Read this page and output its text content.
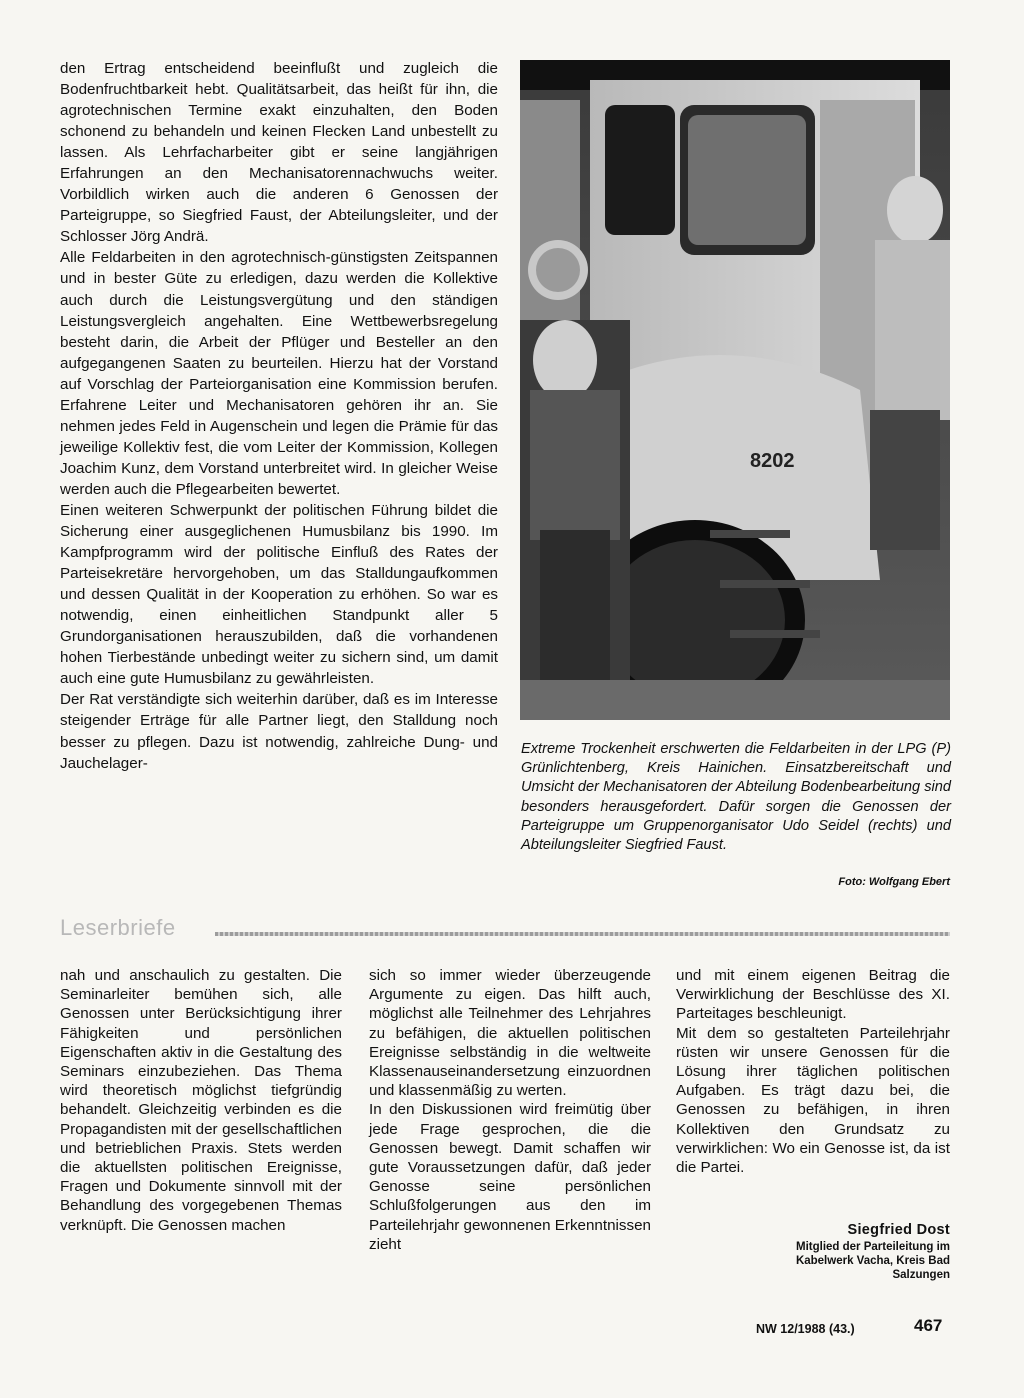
den Ertrag entscheidend beeinflußt und zugleich die Bodenfruchtbarkeit hebt. Qualitätsarbeit, das heißt für ihn, die agrotechnischen Termine exakt einzuhalten, den Boden schonend zu behandeln und keinen Flecken Land unbestellt zu lassen. Als Lehrfacharbeiter gibt er seine langjährigen Erfahrungen an den Mechanisatorennachwuchs weiter. Vorbildlich wirken auch die anderen 6 Genossen der Parteigruppe, so Siegfried Faust, der Abteilungsleiter, und der Schlosser Jörg Andrä.

Alle Feldarbeiten in den agrotechnisch-günstigsten Zeitspannen und in bester Güte zu erledigen, dazu werden die Kollektive auch durch die Leistungsvergütung und den ständigen Leistungsvergleich angehalten. Eine Wettbewerbsregelung besteht darin, die Arbeit der Pflüger und Besteller an den aufgegangenen Saaten zu beurteilen. Hierzu hat der Vorstand auf Vorschlag der Parteiorganisation eine Kommission berufen. Erfahrene Leiter und Mechanisatoren gehören ihr an. Sie nehmen jedes Feld in Augenschein und legen die Prämie für das jeweilige Kollektiv fest, die vom Leiter der Kommission, Kollegen Joachim Kunz, dem Vorstand unterbreitet wird. In gleicher Weise werden auch die Pflegearbeiten bewertet.

Einen weiteren Schwerpunkt der politischen Führung bildet die Sicherung einer ausgeglichenen Humusbilanz bis 1990. Im Kampfprogramm wird der politische Einfluß des Rates der Parteisekretäre hervorgehoben, um das Stalldungaufkommen und dessen Qualität in der Kooperation zu erhöhen. So war es notwendig, einen einheitlichen Standpunkt aller 5 Grundorganisationen herauszubilden, daß die vorhandenen hohen Tierbestände unbedingt weiter zu sichern sind, um damit auch eine gute Humusbilanz zu gewährleisten.

Der Rat verständigte sich weiterhin darüber, daß es im Interesse steigender Erträge für alle Partner liegt, den Stalldung noch besser zu pflegen. Dazu ist notwendig, zahlreiche Dung- und Jauchelager-

8202
Extreme Trockenheit erschwerten die Feldarbeiten in der LPG (P) Grünlichtenberg, Kreis Hainichen. Einsatzbereitschaft und Umsicht der Mechanisatoren der Abteilung Bodenbearbeitung sind besonders herausgefordert. Dafür sorgen die Genossen der Parteigruppe um Gruppenorganisator Udo Seidel (rechts) und Abteilungsleiter Siegfried Faust.
Foto: Wolfgang Ebert
Leserbriefe

nah und anschaulich zu gestalten. Die Seminarleiter bemühen sich, alle Genossen unter Berücksichtigung ihrer Fähigkeiten und persönlichen Eigenschaften aktiv in die Gestaltung des Seminars einzubeziehen. Das Thema wird theoretisch möglichst tiefgründig behandelt. Gleichzeitig verbinden es die Propagandisten mit der gesellschaftlichen und betrieblichen Praxis. Stets werden die aktuellsten politischen Ereignisse, Fragen und Dokumente sinnvoll mit der Behandlung des vorgegebenen Themas verknüpft. Die Genossen machen

sich so immer wieder überzeugende Argumente zu eigen. Das hilft auch, möglichst alle Teilnehmer des Lehrjahres zu befähigen, die aktuellen politischen Ereignisse selbständig in die weltweite Klassenauseinandersetzung einzuordnen und klassenmäßig zu werten.

In den Diskussionen wird freimütig über jede Frage gesprochen, die die Genossen bewegt. Damit schaffen wir gute Voraussetzungen dafür, daß jeder Genosse seine persönlichen Schlußfolgerungen aus den im Parteilehrjahr gewonnenen Erkenntnissen zieht

und mit einem eigenen Beitrag die Verwirklichung der Beschlüsse des XI. Parteitages beschleunigt.

Mit dem so gestalteten Parteilehrjahr rüsten wir unsere Genossen für die Lösung ihrer täglichen politischen Aufgaben. Es trägt dazu bei, die Genossen zu befähigen, in ihren Kollektiven den Grundsatz zu verwirklichen: Wo ein Genosse ist, da ist die Partei.

Siegfried Dost
Mitglied der Parteileitung im Kabelwerk Vacha, Kreis Bad Salzungen
NW 12/1988 (43.)	467
